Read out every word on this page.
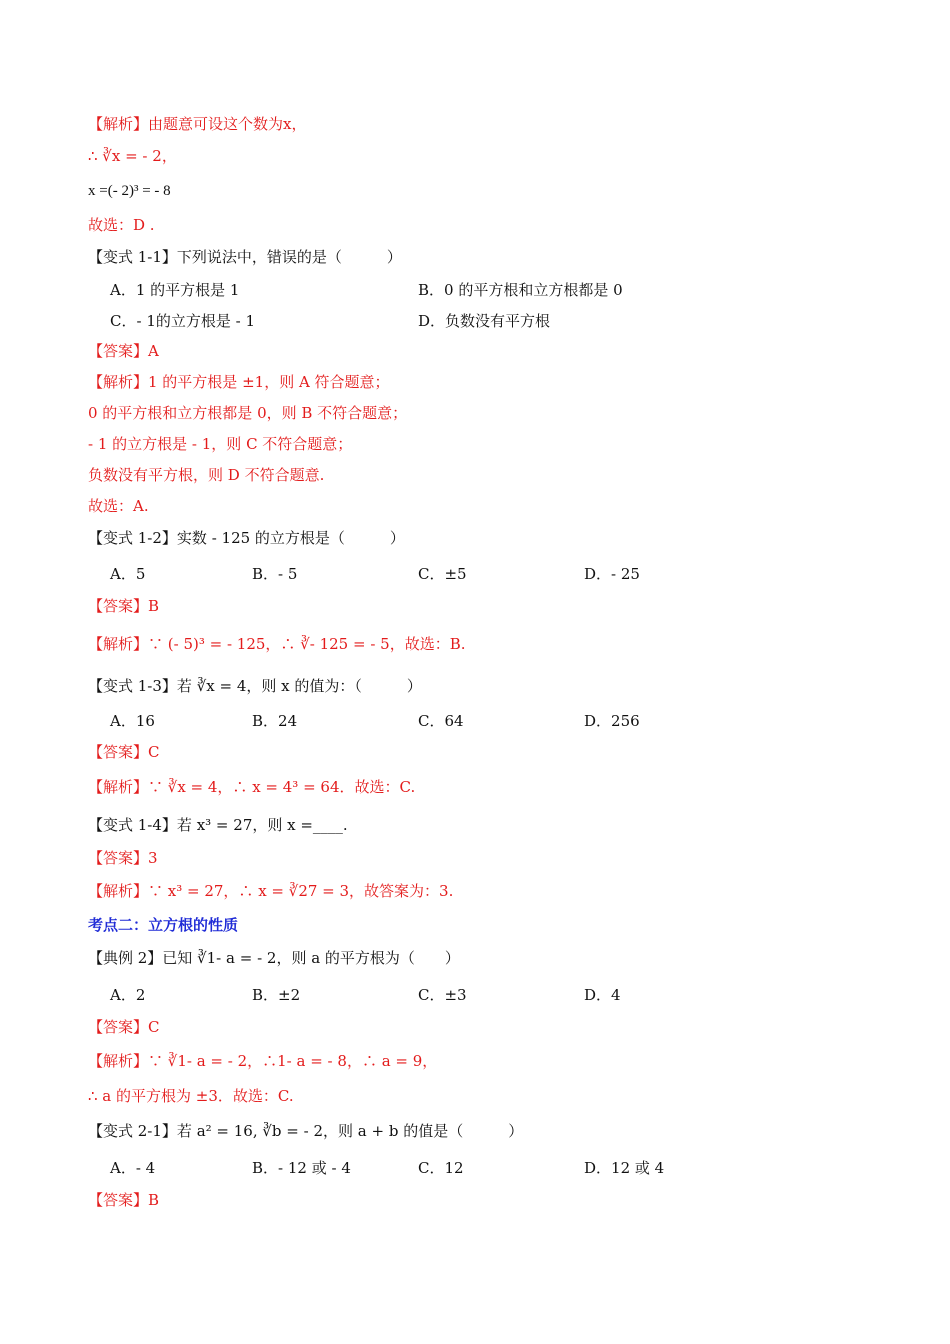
【解析】由题意可设这个数为x，
∴ ∛x = - 2，
x =(- 2)³ = - 8
故选：D .
【变式 1-1】下列说法中，错误的是（　　　）
A．1 的平方根是 1	B．0 的平方根和立方根都是 0
C．- 1的立方根是 - 1	D．负数没有平方根
【答案】A
【解析】1 的平方根是 ±1，则 A 符合题意；
0 的平方根和立方根都是 0，则 B 不符合题意；
- 1 的立方根是 - 1，则 C 不符合题意；
负数没有平方根，则 D 不符合题意.
故选：A.
【变式 1-2】实数 - 125 的立方根是（　　　）
A．5	B．- 5	C．±5	D．- 25
【答案】B
【解析】∵ (- 5)³ = - 125，∴ ∛- 125 = - 5，故选：B.
【变式 1-3】若 ∛x = 4，则 x 的值为：（　　　）
A．16	B．24	C．64	D．256
【答案】C
【解析】∵ ∛x = 4，∴ x = 4³ = 64．故选：C.
【变式 1-4】若 x³ = 27，则 x =____.
【答案】3
【解析】∵ x³ = 27，∴ x = ∛27 = 3，故答案为：3.
考点二：立方根的性质
【典例 2】已知 ∛1- a = - 2，则 a 的平方根为（　　）
A．2	B．±2	C．±3	D．4
【答案】C
【解析】∵ ∛1- a = - 2，∴1- a = - 8，∴ a = 9，
∴ a 的平方根为 ±3．故选：C.
【变式 2-1】若 a² = 16, ∛b = - 2，则 a + b 的值是（　　　）
A．- 4	B．- 12 或 - 4	C．12	D．12 或 4
【答案】B
